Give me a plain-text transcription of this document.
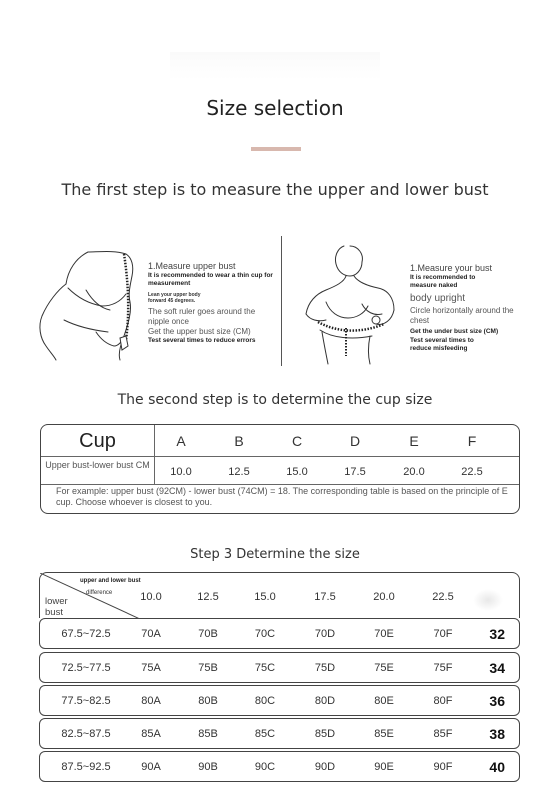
Size selection
The first step is to measure the upper and lower bust
1.Measure upper bust
It is recommended to wear a thin cup for measurement
Lean your upper body forward 45 degrees.
The soft ruler goes around the nipple once
Get the upper bust size (CM)
Test several times to reduce errors
1.Measure your bust
It is recommended to measure naked
body upright
Circle horizontally around the chest
Get the under bust size (CM)
Test several times to reduce misfeeding
The second step is to determine the cup size
Cup	A	B	C	D	E	F
Upper bust-lower bust CM
10.0	12.5	15.0	17.5	20.0	22.5
For example: upper bust (92CM) - lower bust (74CM) = 18. The corresponding table is based on the principle of E cup. Choose whoever is closest to you.
Step 3 Determine the size
upper and lower bust
difference
lower bust
10.0	12.5	15.0	17.5	20.0	22.5
67.5~72.5	70A	70B	70C	70D	70E	70F	32
72.5~77.5	75A	75B	75C	75D	75E	75F	34
77.5~82.5	80A	80B	80C	80D	80E	80F	36
82.5~87.5	85A	85B	85C	85D	85E	85F	38
87.5~92.5	90A	90B	90C	90D	90E	90F	40
